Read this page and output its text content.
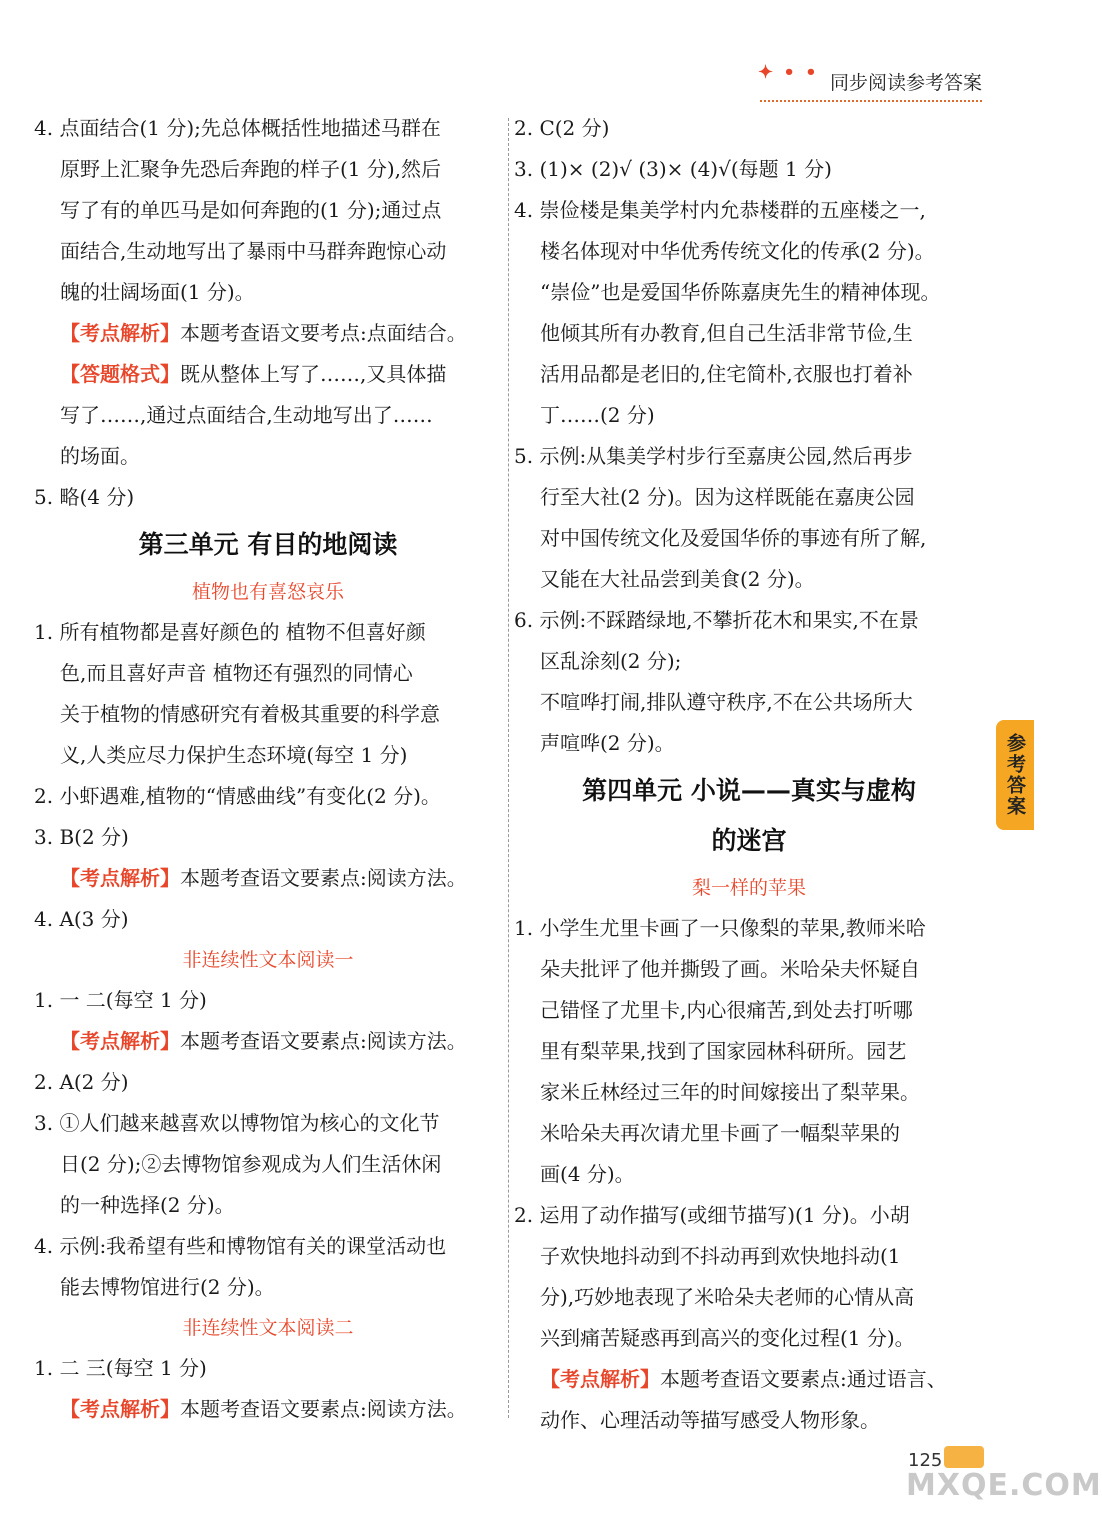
✦ • • 同步阅读参考答案

4. 点面结合(1 分);先总体概括性地描述马群在

原野上汇聚争先恐后奔跑的样子(1 分),然后

写了有的单匹马是如何奔跑的(1 分);通过点

面结合,生动地写出了暴雨中马群奔跑惊心动

魄的壮阔场面(1 分)。

【考点解析】本题考查语文要考点:点面结合。

【答题格式】既从整体上写了……,又具体描

写了……,通过点面结合,生动地写出了……

的场面。

5. 略(4 分)

第三单元 有目的地阅读
植物也有喜怒哀乐

1. 所有植物都是喜好颜色的 植物不但喜好颜

色,而且喜好声音 植物还有强烈的同情心

关于植物的情感研究有着极其重要的科学意

义,人类应尽力保护生态环境(每空 1 分)

2. 小虾遇难,植物的“情感曲线”有变化(2 分)。

3. B(2 分)

【考点解析】本题考查语文要素点:阅读方法。

4. A(3 分)

非连续性文本阅读一

1. 一 二(每空 1 分)

【考点解析】本题考查语文要素点:阅读方法。

2. A(2 分)

3. ①人们越来越喜欢以博物馆为核心的文化节

日(2 分);②去博物馆参观成为人们生活休闲

的一种选择(2 分)。

4. 示例:我希望有些和博物馆有关的课堂活动也

能去博物馆进行(2 分)。

非连续性文本阅读二

1. 二 三(每空 1 分)

【考点解析】本题考查语文要素点:阅读方法。

2. C(2 分)

3. (1)× (2)√ (3)× (4)√(每题 1 分)

4. 崇俭楼是集美学村内允恭楼群的五座楼之一,

楼名体现对中华优秀传统文化的传承(2 分)。

“崇俭”也是爱国华侨陈嘉庚先生的精神体现。

他倾其所有办教育,但自己生活非常节俭,生

活用品都是老旧的,住宅简朴,衣服也打着补

丁……(2 分)

5. 示例:从集美学村步行至嘉庚公园,然后再步

行至大社(2 分)。因为这样既能在嘉庚公园

对中国传统文化及爱国华侨的事迹有所了解,

又能在大社品尝到美食(2 分)。

6. 示例:不踩踏绿地,不攀折花木和果实,不在景

区乱涂刻(2 分);

不喧哗打闹,排队遵守秩序,不在公共场所大

声喧哗(2 分)。

第四单元 小说——真实与虚构
的迷宫
梨一样的苹果

1. 小学生尤里卡画了一只像梨的苹果,教师米哈

朵夫批评了他并撕毁了画。米哈朵夫怀疑自

己错怪了尤里卡,内心很痛苦,到处去打听哪

里有梨苹果,找到了国家园林科研所。园艺

家米丘林经过三年的时间嫁接出了梨苹果。

米哈朵夫再次请尤里卡画了一幅梨苹果的

画(4 分)。

2. 运用了动作描写(或细节描写)(1 分)。小胡

子欢快地抖动到不抖动再到欢快地抖动(1

分),巧妙地表现了米哈朵夫老师的心情从高

兴到痛苦疑惑再到高兴的变化过程(1 分)。

【考点解析】本题考查语文要素点:通过语言、

动作、心理活动等描写感受人物形象。

参考答案
125
MXQE.COM
